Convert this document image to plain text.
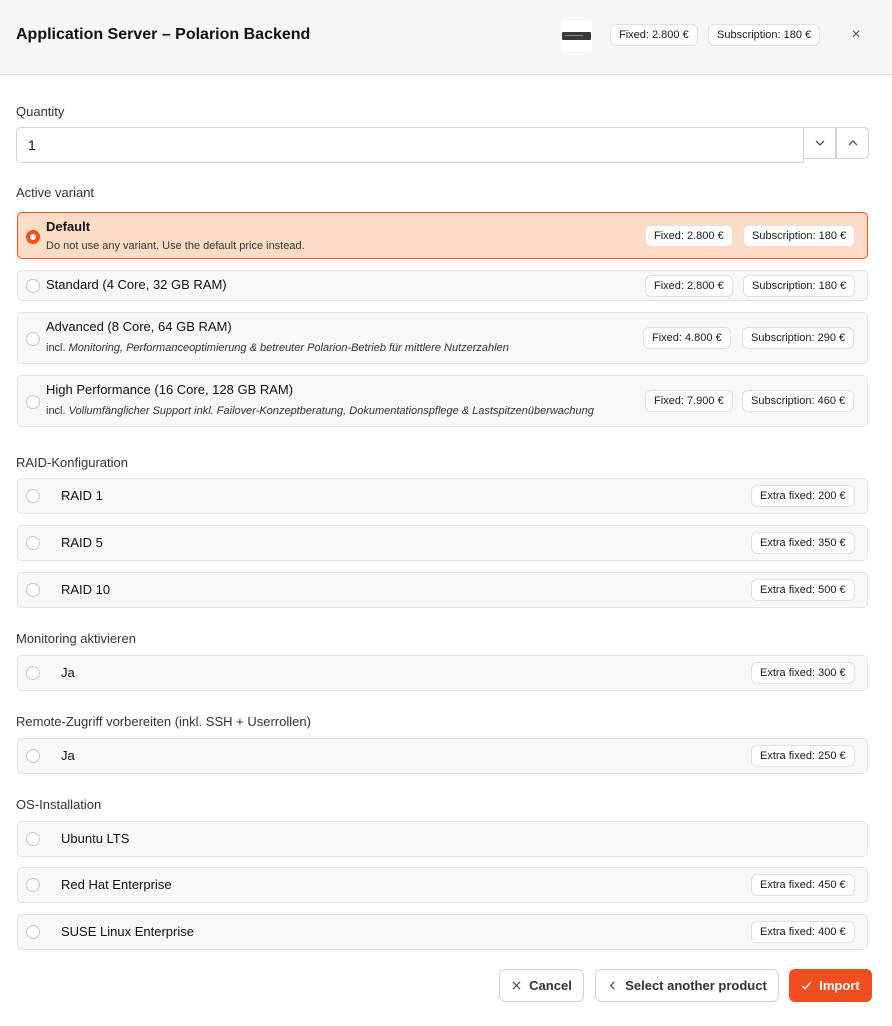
Application Server – Polarion Backend	Fixed: 2.800 €	Subscription: 180 €	×
Quantity
1
Active variant
Default
Do not use any variant. Use the default price instead.
Fixed: 2.800 €	Subscription: 180 €
Standard (4 Core, 32 GB RAM)	Fixed: 2.800 €	Subscription: 180 €
Advanced (8 Core, 64 GB RAM)
incl. Monitoring, Performanceoptimierung & betreuter Polarion-Betrieb für mittlere Nutzerzahlen
Fixed: 4.800 €	Subscription: 290 €
High Performance (16 Core, 128 GB RAM)
incl. Vollumfänglicher Support inkl. Failover-Konzeptberatung, Dokumentationspflege & Lastspitzenüberwachung
Fixed: 7.900 €	Subscription: 460 €
RAID-Konfiguration
RAID 1	Extra fixed: 200 €
RAID 5	Extra fixed: 350 €
RAID 10	Extra fixed: 500 €
Monitoring aktivieren
Ja	Extra fixed: 300 €
Remote-Zugriff vorbereiten (inkl. SSH + Userrollen)
Ja	Extra fixed: 250 €
OS-Installation
Ubuntu LTS
Red Hat Enterprise	Extra fixed: 450 €
SUSE Linux Enterprise	Extra fixed: 400 €
Cancel	Select another product	Import
